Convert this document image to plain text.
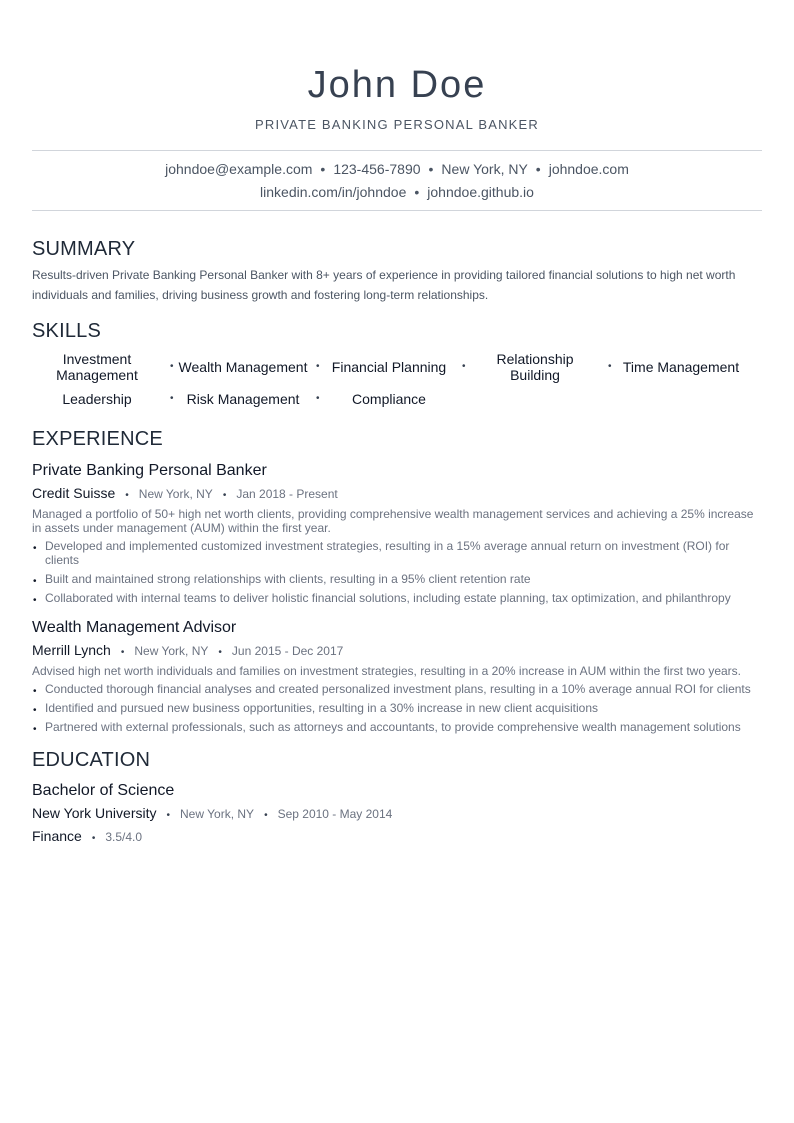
John Doe
PRIVATE BANKING PERSONAL BANKER
johndoe@example.com • 123-456-7890 • New York, NY • johndoe.com
linkedin.com/in/johndoe • johndoe.github.io
SUMMARY

Results-driven Private Banking Personal Banker with 8+ years of experience in providing tailored financial solutions to high net worth individuals and families, driving business growth and fostering long-term relationships.

SKILLS
Investment Management
• Wealth Management • Financial Planning •	Relationship Building
• Time Management
Leadership	• Risk Management • Compliance
EXPERIENCE
Private Banking Personal Banker
Credit Suisse • New York, NY • Jan 2018 - Present

Managed a portfolio of 50+ high net worth clients, providing comprehensive wealth management services and achieving a 25% increase in assets under management (AUM) within the first year.

• Developed and implemented customized investment strategies, resulting in a 15% average annual return on investment (ROI) for clients
• Built and maintained strong relationships with clients, resulting in a 95% client retention rate
• Collaborated with internal teams to deliver holistic financial solutions, including estate planning, tax optimization, and philanthropy
Wealth Management Advisor
Merrill Lynch • New York, NY • Jun 2015 - Dec 2017

Advised high net worth individuals and families on investment strategies, resulting in a 20% increase in AUM within the first two years.

• Conducted thorough financial analyses and created personalized investment plans, resulting in a 10% average annual ROI for clients
• Identified and pursued new business opportunities, resulting in a 30% increase in new client acquisitions
• Partnered with external professionals, such as attorneys and accountants, to provide comprehensive wealth management solutions
EDUCATION
Bachelor of Science
New York University • New York, NY • Sep 2010 - May 2014
Finance • 3.5/4.0
